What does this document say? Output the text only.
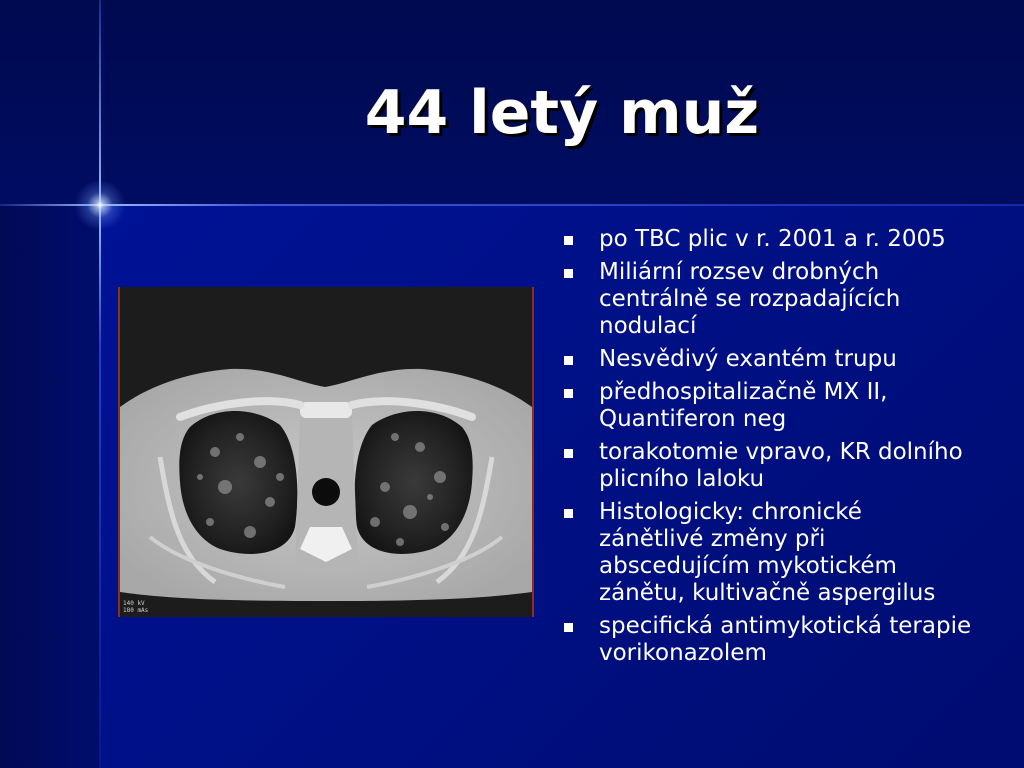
44 letý muž
140 kV
180 mAs
po TBC plic v r. 2001 a r. 2005
Miliární rozsev drobných centrálně se rozpadajících nodulací
Nesvědivý exantém trupu
předhospitalizačně MX II, Quantiferon neg
torakotomie vpravo, KR dolního plicního laloku
Histologicky: chronické zánětlivé změny při abscedujícím mykotickém zánětu, kultivačně aspergilus
specifická antimykotická terapie vorikonazolem
